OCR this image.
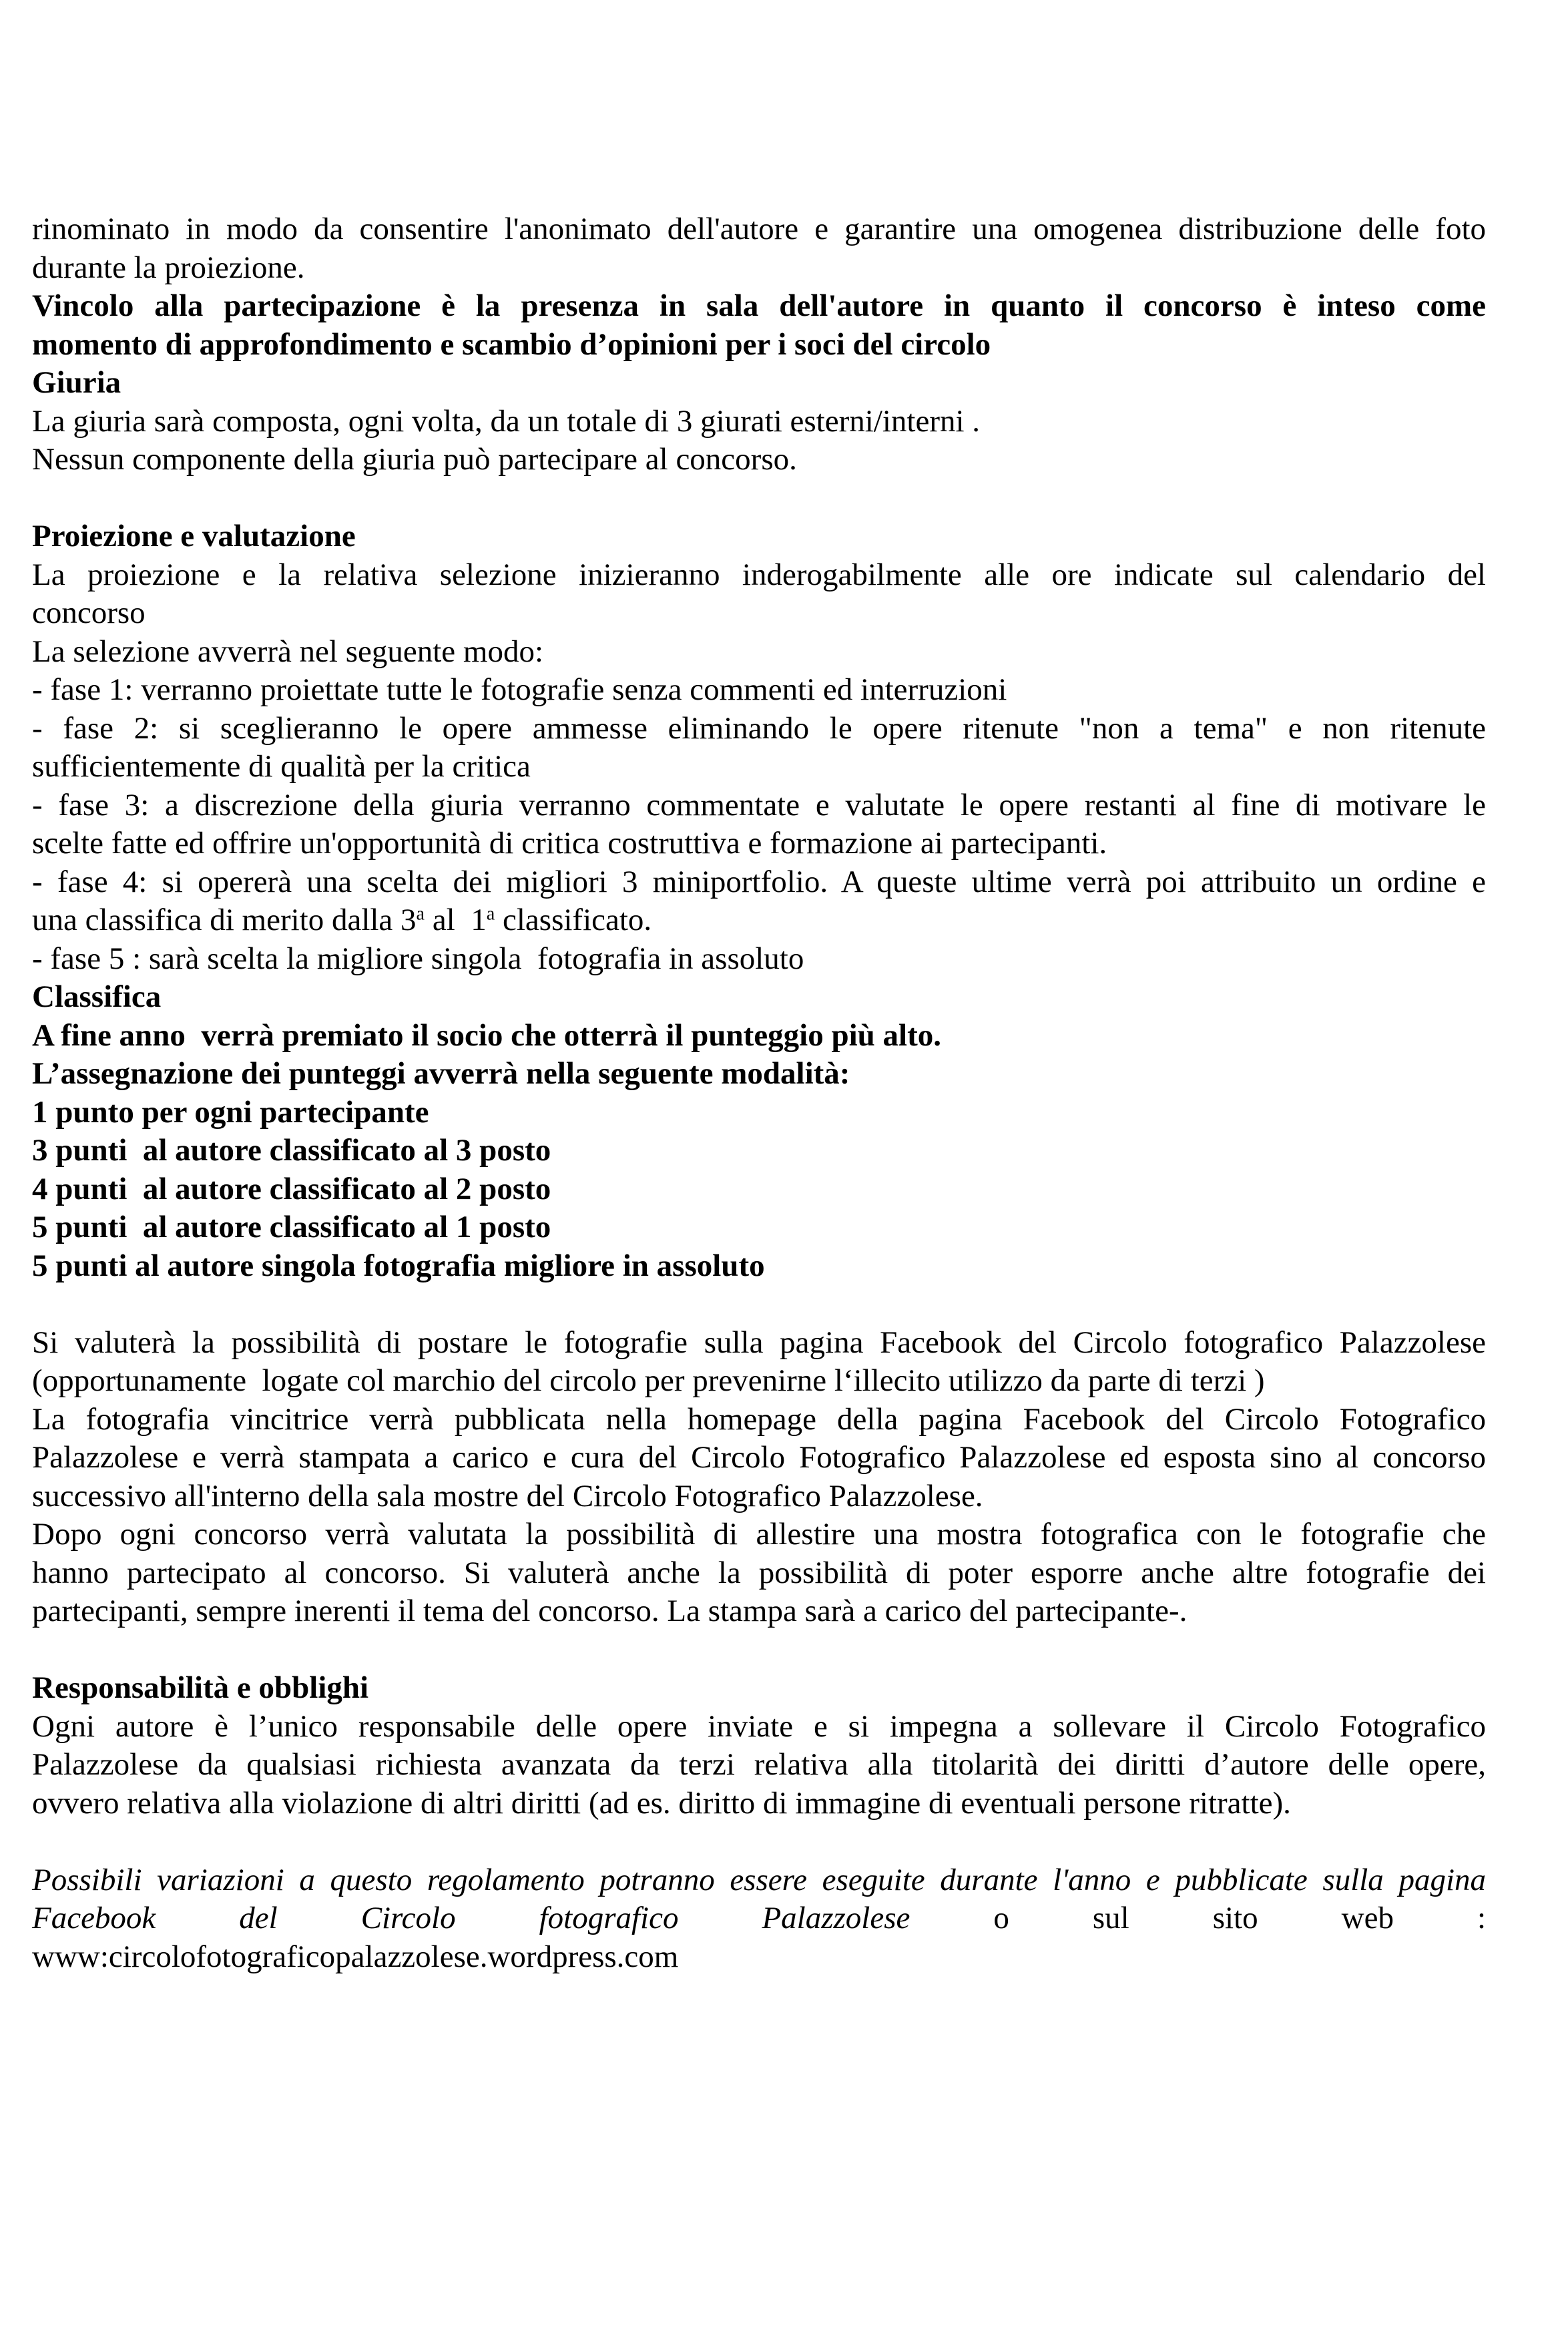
rinominato in modo da consentire l'anonimato dell'autore e garantire una omogenea distribuzione delle foto
durante la proiezione.
Vincolo alla partecipazione è la presenza in sala dell'autore in quanto il concorso è inteso come
momento di approfondimento e scambio d’opinioni per i soci del circolo
Giuria
La giuria sarà composta, ogni volta, da un totale di 3 giurati esterni/interni .
Nessun componente della giuria può partecipare al concorso.
Proiezione e valutazione
La proiezione e la relativa selezione inizieranno inderogabilmente alle ore indicate sul calendario del
concorso
La selezione avverrà nel seguente modo:
- fase 1: verranno proiettate tutte le fotografie senza commenti ed interruzioni
- fase 2: si sceglieranno le opere ammesse eliminando le opere ritenute "non a tema" e non ritenute
sufficientemente di qualità per la critica
- fase 3: a discrezione della giuria verranno commentate e valutate le opere restanti al fine di motivare le
scelte fatte ed offrire un'opportunità di critica costruttiva e formazione ai partecipanti.
- fase 4: si opererà una scelta dei migliori 3 miniportfolio. A queste ultime verrà poi attribuito un ordine e
una classifica di merito dalla 3$^a$ al  1$^a$ classificato.
- fase 5 : sarà scelta la migliore singola  fotografia in assoluto
Classifica
A fine anno  verrà premiato il socio che otterrà il punteggio più alto.
L’assegnazione dei punteggi avverrà nella seguente modalità:
1 punto per ogni partecipante
3 punti  al autore classificato al 3 posto
4 punti  al autore classificato al 2 posto
5 punti  al autore classificato al 1 posto
5 punti al autore singola fotografia migliore in assoluto
Si valuterà la possibilità di postare le fotografie sulla pagina Facebook del Circolo fotografico Palazzolese
(opportunamente  logate col marchio del circolo per prevenirne l‘illecito utilizzo da parte di terzi )
La fotografia vincitrice verrà pubblicata nella homepage della pagina Facebook del Circolo Fotografico
Palazzolese e verrà stampata a carico e cura del Circolo Fotografico Palazzolese ed esposta sino al concorso
successivo all'interno della sala mostre del Circolo Fotografico Palazzolese.
Dopo ogni concorso verrà valutata la possibilità di allestire una mostra fotografica con le fotografie che
hanno partecipato al concorso. Si valuterà anche la possibilità di poter esporre anche altre fotografie dei
partecipanti, sempre inerenti il tema del concorso. La stampa sarà a carico del partecipante-.
Responsabilità e obblighi
Ogni autore è l’unico responsabile delle opere inviate e si impegna a sollevare il Circolo Fotografico
Palazzolese da qualsiasi richiesta avanzata da terzi relativa alla titolarità dei diritti d’autore delle opere,
ovvero relativa alla violazione di altri diritti (ad es. diritto di immagine di eventuali persone ritratte).
Possibili variazioni a questo regolamento potranno essere eseguite durante l'anno e pubblicate sulla pagina
Facebook del Circolo fotografico Palazzolese	o sul sito web :
www:circolofotograficopalazzolese.wordpress.com
